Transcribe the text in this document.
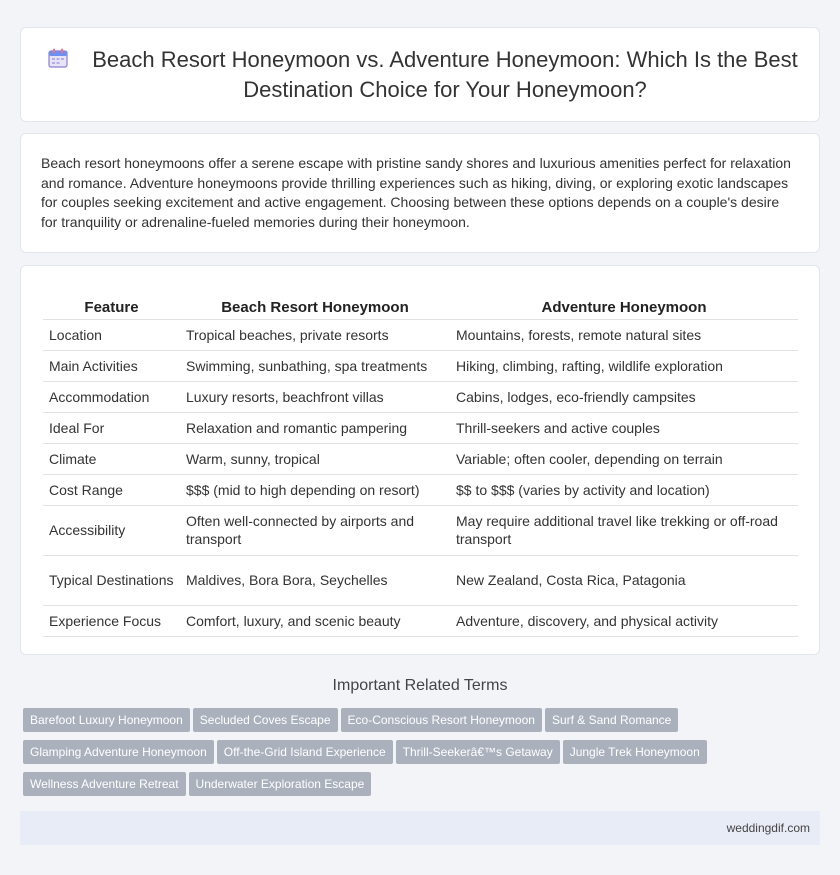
Beach Resort Honeymoon vs. Adventure Honeymoon: Which Is the Best Destination Choice for Your Honeymoon?

Beach resort honeymoons offer a serene escape with pristine sandy shores and luxurious amenities perfect for relaxation and romance. Adventure honeymoons provide thrilling experiences such as hiking, diving, or exploring exotic landscapes for couples seeking excitement and active engagement. Choosing between these options depends on a couple's desire for tranquility or adrenaline-fueled memories during their honeymoon.

Feature	Beach Resort Honeymoon	Adventure Honeymoon
Location	Tropical beaches, private resorts	Mountains, forests, remote natural sites
Main Activities	Swimming, sunbathing, spa treatments	Hiking, climbing, rafting, wildlife exploration
Accommodation	Luxury resorts, beachfront villas	Cabins, lodges, eco-friendly campsites
Ideal For	Relaxation and romantic pampering	Thrill-seekers and active couples
Climate	Warm, sunny, tropical	Variable; often cooler, depending on terrain
Cost Range	$$$ (mid to high depending on resort)	$$ to $$$ (varies by activity and location)
Accessibility	Often well-connected by airports and transport	May require additional travel like trekking or off-road transport
Typical Destinations	Maldives, Bora Bora, Seychelles	New Zealand, Costa Rica, Patagonia
Experience Focus	Comfort, luxury, and scenic beauty	Adventure, discovery, and physical activity
Important Related Terms
Barefoot Luxury Honeymoon Secluded Coves Escape Eco-Conscious Resort Honeymoon Surf & Sand Romance
Glamping Adventure Honeymoon Off-the-Grid Island Experience Thrill-Seekerâ€™s Getaway Jungle Trek Honeymoon
Wellness Adventure Retreat Underwater Exploration Escape
weddingdif.com
